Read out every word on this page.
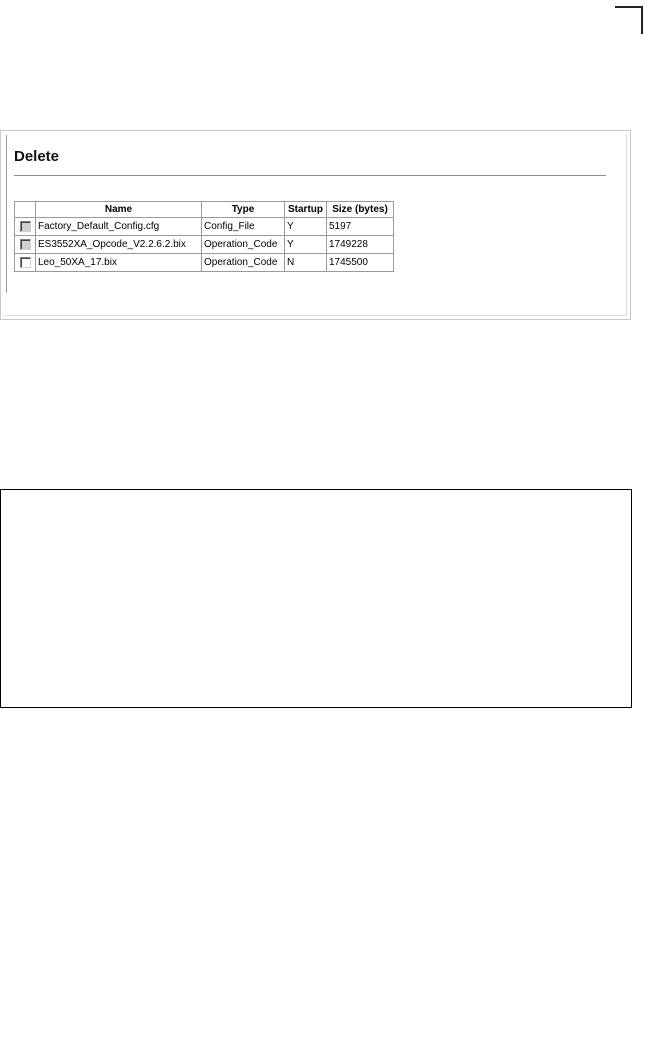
Delete
	Name	Type	Startup	Size (bytes)
	Factory_Default_Config.cfg	Config_File	Y	5197
	ES3552XA_Opcode_V2.2.6.2.bix	Operation_Code	Y	1749228
	Leo_50XA_17.bix	Operation_Code	N	1745500
